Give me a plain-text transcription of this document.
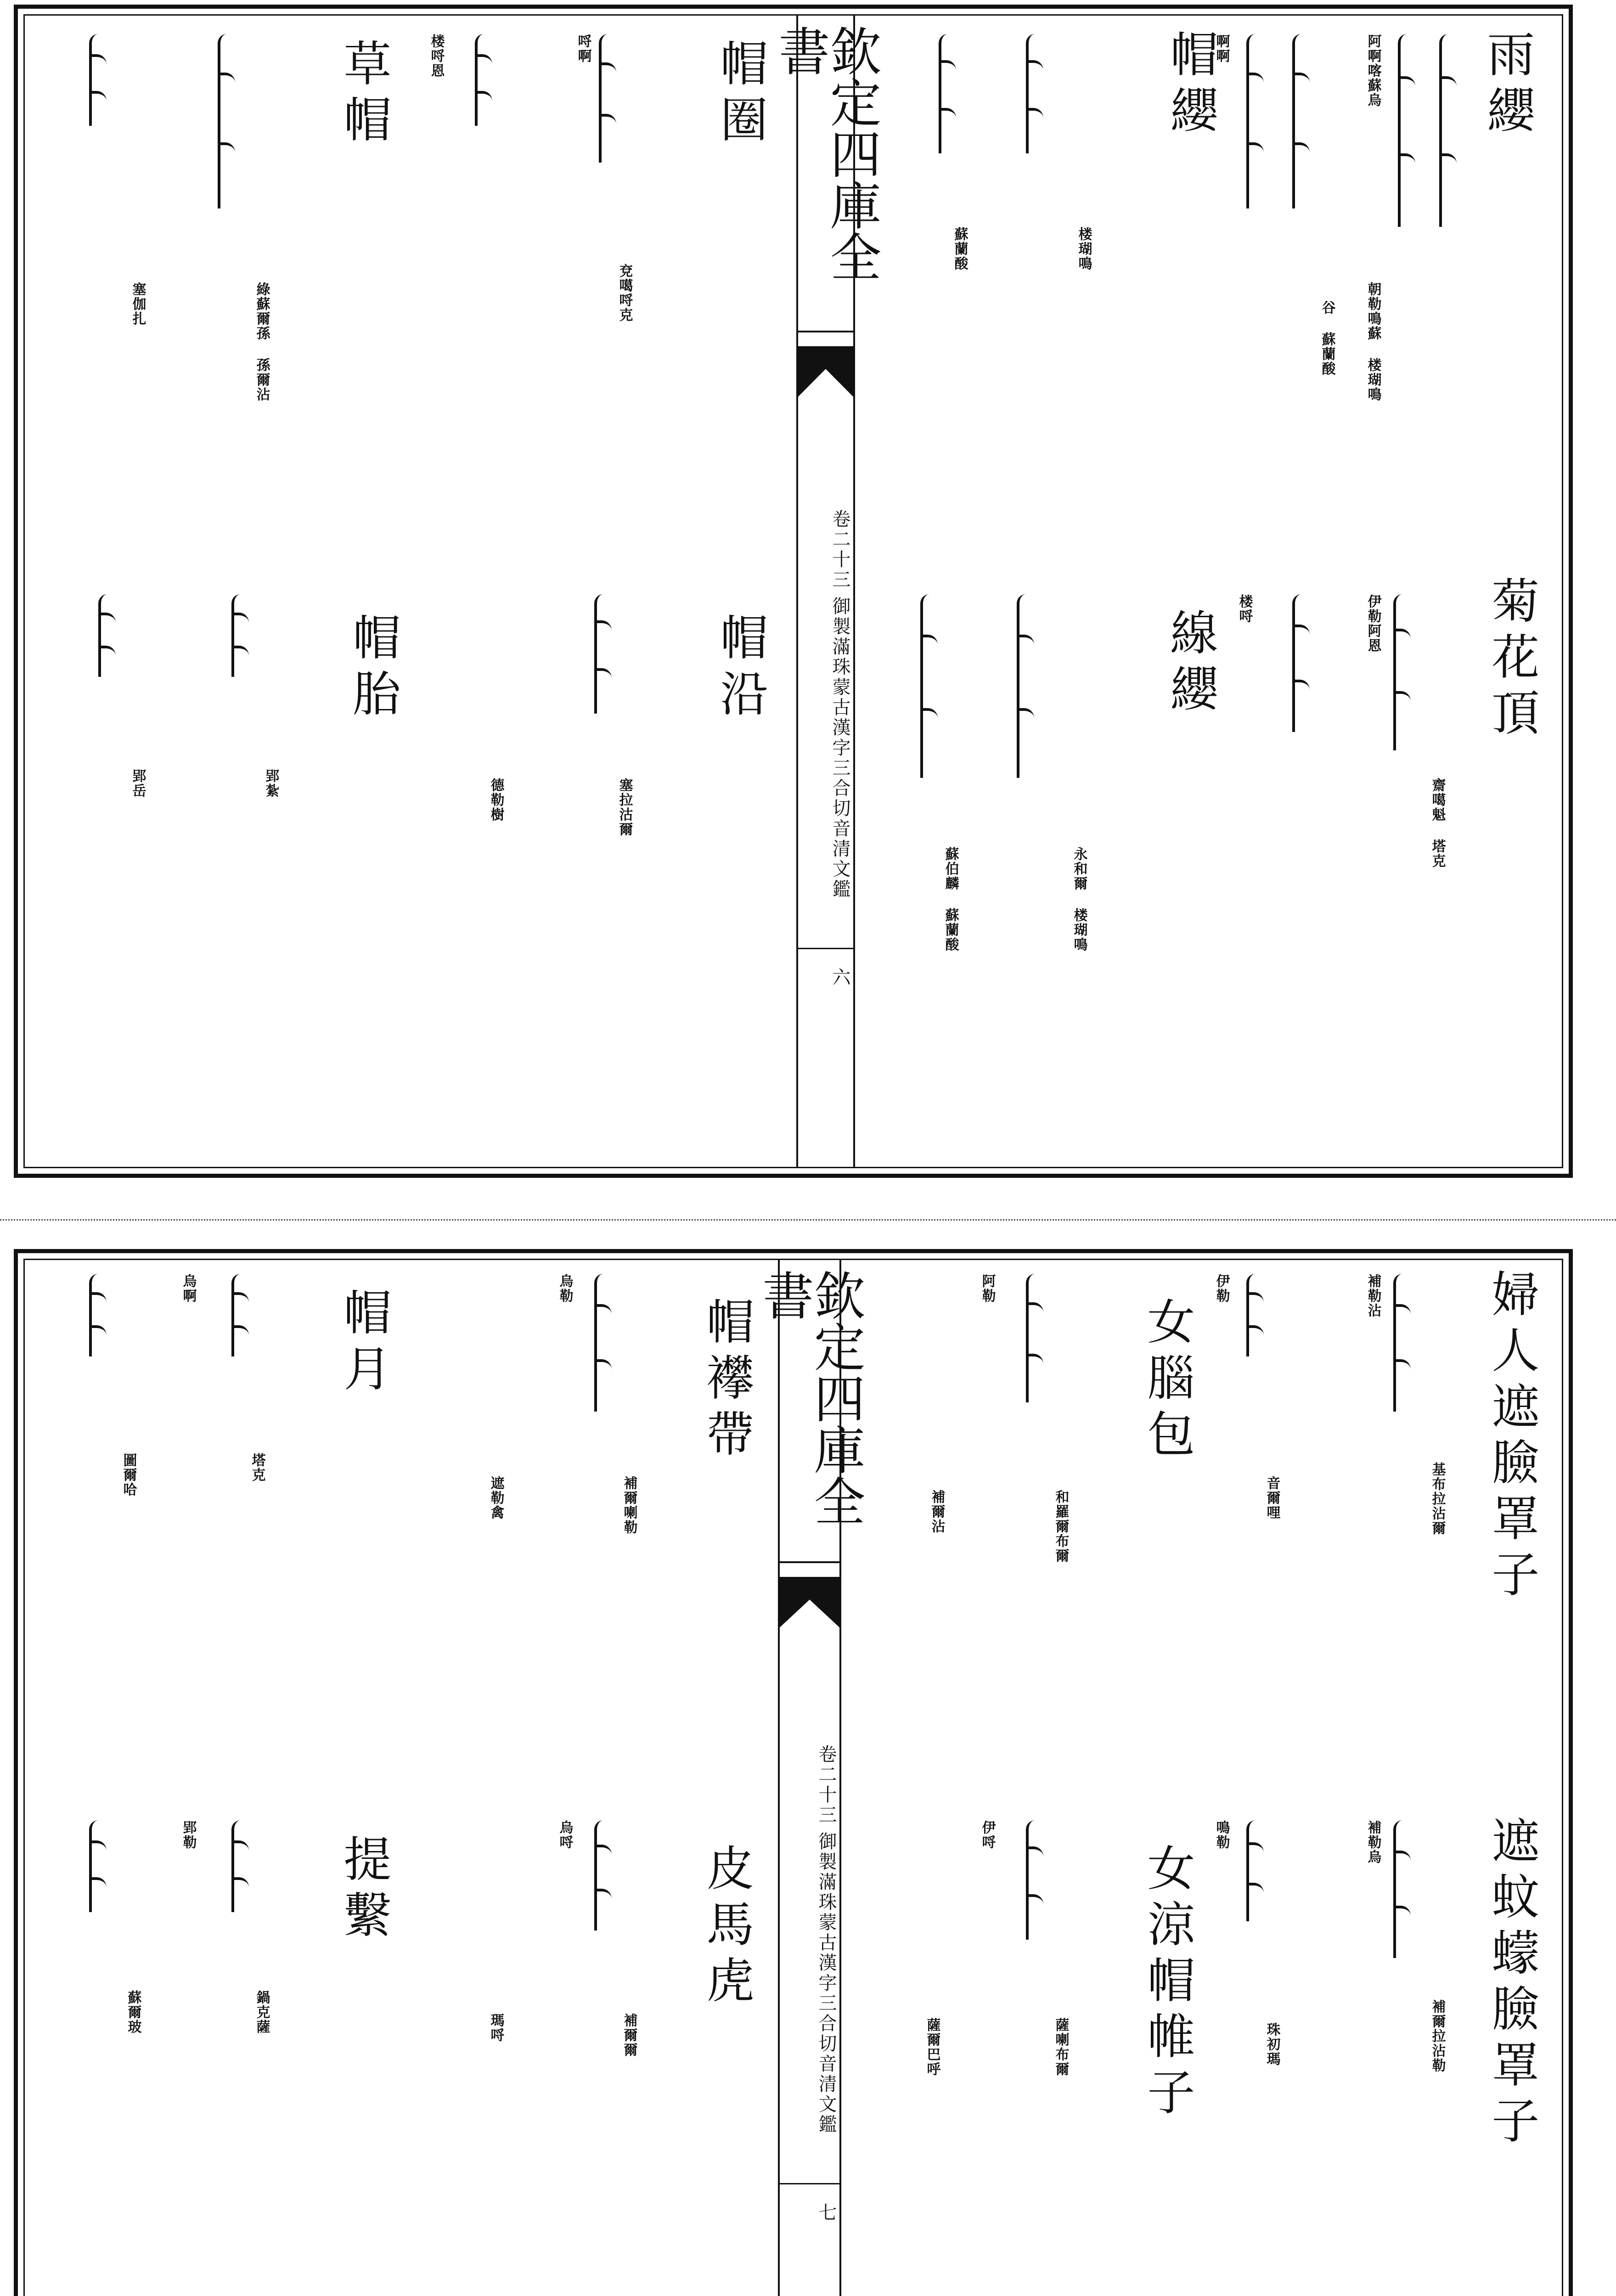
欽定四庫全書
卷二十三
御製滿珠蒙古漢字三合切音清文鑑
六
雨纓
阿啊喀蘇烏
朝勒鳴蘇 楼瑚鳴
谷 蘇蘭酸
帽纓
啊啊
楼瑚鳴
蘇蘭酸
菊花頂
伊勒阿恩
齋噶魁 塔克
線纓 楼哷
永和爾 楼瑚鳴
蘇伯麟 蘇蘭酸
帽圈
哷啊
兗噶哷克
草帽	楼哷恩
綠蘇爾孫 孫爾沾
塞伽扎
帽沿
塞拉沽爾
德勒樹
帽胎
郢紮
郢岳
欽定四庫全書
卷二十三
御製滿珠蒙古漢字三合切音清文鑑
七
婦人遮臉罩子
補勒沾
基布拉沾爾
女腦包
伊勒
音爾哩
遮蚊蠓臉罩子
補勒烏
補爾拉沾勒
女涼帽帷子
鳴勒
珠初瑪
阿勒
和羅爾布爾
補爾沾
伊哷
薩喇布爾
薩爾巴呼
帽襻帶
烏勒
補爾喇勒
遮勒禽
皮馬虎
烏哷
補爾爾
瑪哷
帽月
烏啊
塔克
圖爾哈
提繫
郢勒
鍋克薩
蘇爾玻
